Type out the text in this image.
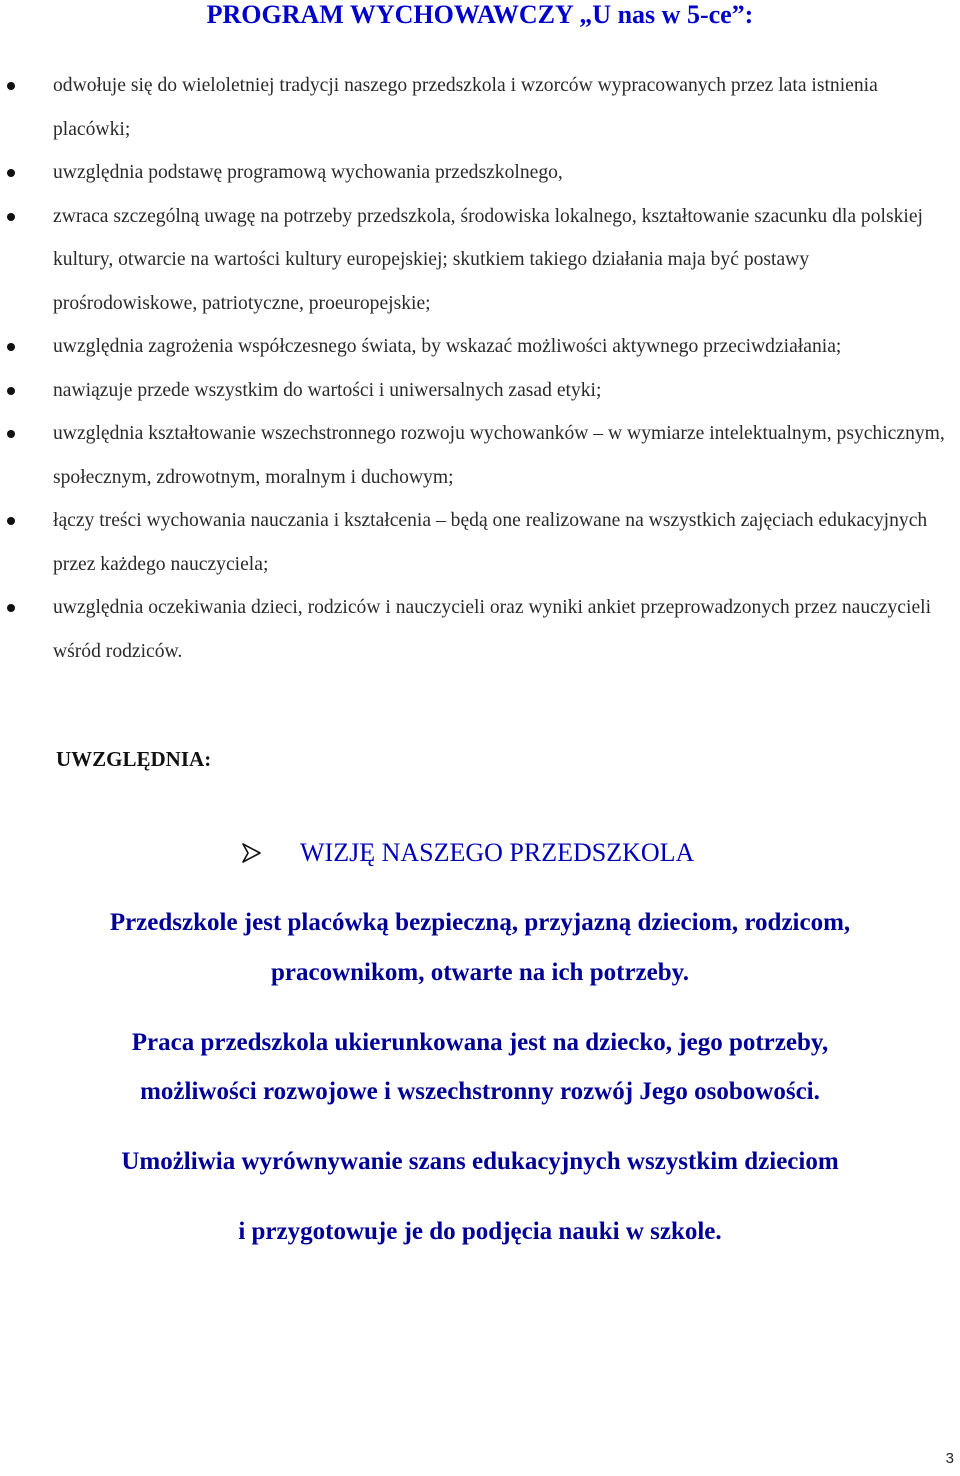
PROGRAM WYCHOWAWCZY „U nas w 5-ce”:
odwołuje się do wieloletniej tradycji naszego przedszkola i wzorców wypracowanych przez lata istnienia placówki;
uwzględnia podstawę programową wychowania przedszkolnego,
zwraca szczególną uwagę na potrzeby przedszkola, środowiska lokalnego, kształtowanie szacunku dla polskiej kultury, otwarcie na wartości kultury europejskiej; skutkiem takiego działania maja być postawy prośrodowiskowe, patriotyczne, proeuropejskie;
uwzględnia zagrożenia współczesnego świata, by wskazać możliwości aktywnego przeciwdziałania;
nawiązuje przede wszystkim do wartości i uniwersalnych zasad etyki;
uwzględnia kształtowanie wszechstronnego rozwoju wychowanków – w wymiarze intelektualnym, psychicznym, społecznym, zdrowotnym, moralnym i duchowym;
łączy treści wychowania nauczania i kształcenia – będą one realizowane na wszystkich zajęciach edukacyjnych przez każdego nauczyciela;
uwzględnia oczekiwania dzieci, rodziców i nauczycieli oraz wyniki ankiet przeprowadzonych przez nauczycieli wśród rodziców.
UWZGLĘDNIA:
WIZJĘ NASZEGO PRZEDSZKOLA
Przedszkole jest placówką bezpieczną, przyjazną dzieciom, rodzicom,
pracownikom, otwarte na ich potrzeby.
Praca przedszkola ukierunkowana jest na dziecko, jego potrzeby,
możliwości rozwojowe i wszechstronny rozwój Jego osobowości.
Umożliwia wyrównywanie szans edukacyjnych wszystkim dzieciom
i przygotowuje je do podjęcia nauki w szkole.
3
